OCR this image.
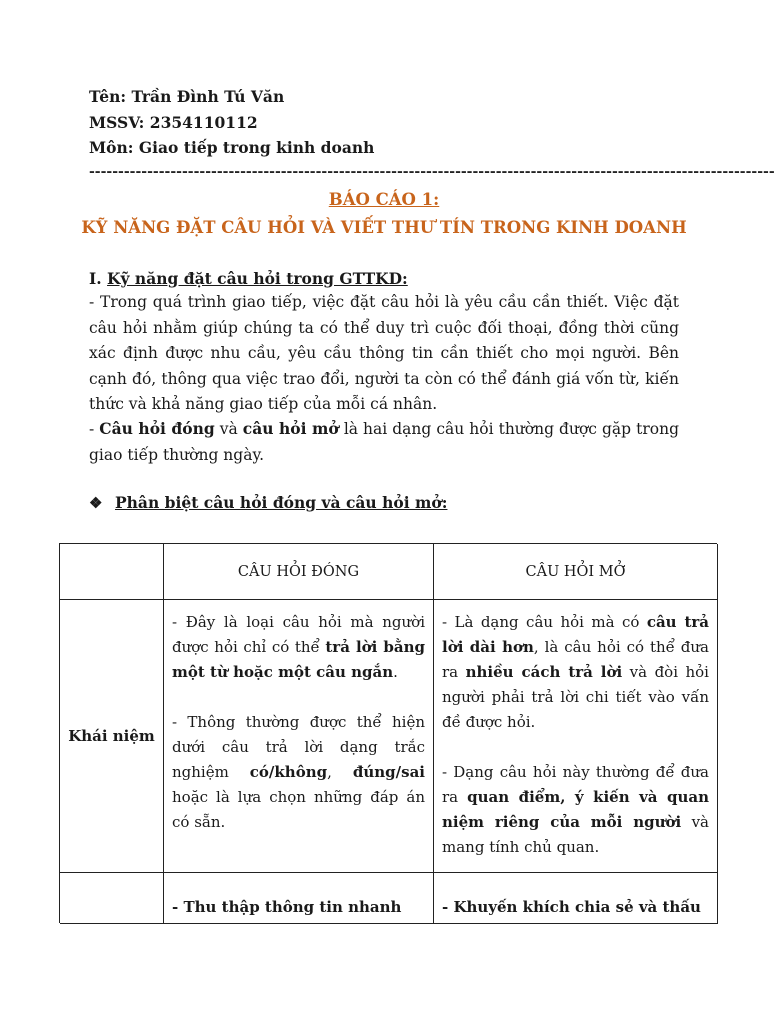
Tên: Trần Đình Tú Văn
MSSV: 2354110112
Môn: Giao tiếp trong kinh doanh
----------------------------------------------------------------------------------------------------------------------
BÁO CÁO 1:
KỸ NĂNG ĐẶT CÂU HỎI VÀ VIẾT THƯ TÍN TRONG KINH DOANH
I. Kỹ năng đặt câu hỏi trong GTTKD:
- Trong quá trình giao tiếp, việc đặt câu hỏi là yêu cầu cần thiết. Việc đặt câu hỏi nhằm giúp chúng ta có thể duy trì cuộc đối thoại, đồng thời cũng xác định được nhu cầu, yêu cầu thông tin cần thiết cho mọi người. Bên cạnh đó, thông qua việc trao đổi, người ta còn có thể đánh giá vốn từ, kiến thức và khả năng giao tiếp của mỗi cá nhân.
- Câu hỏi đóng và câu hỏi mở là hai dạng câu hỏi thường được gặp trong giao tiếp thường ngày.
❖ Phân biệt câu hỏi đóng và câu hỏi mở:
CÂU HỎI ĐÓNG	CÂU HỎI MỞ
Khái niệm
- Đây là loại câu hỏi mà người được hỏi chỉ có thể trả lời bằng một từ hoặc một câu ngắn.
- Thông thường được thể hiện dưới câu trả lời dạng trắc nghiệm có/không, đúng/sai hoặc là lựa chọn những đáp án có sẵn.
- Là dạng câu hỏi mà có câu trả lời dài hơn, là câu hỏi có thể đưa ra nhiều cách trả lời và đòi hỏi người phải trả lời chi tiết vào vấn đề được hỏi.
- Dạng câu hỏi này thường để đưa ra quan điểm, ý kiến và quan niệm riêng của mỗi người và mang tính chủ quan.
- Thu thập thông tin nhanh	- Khuyến khích chia sẻ và thấu
